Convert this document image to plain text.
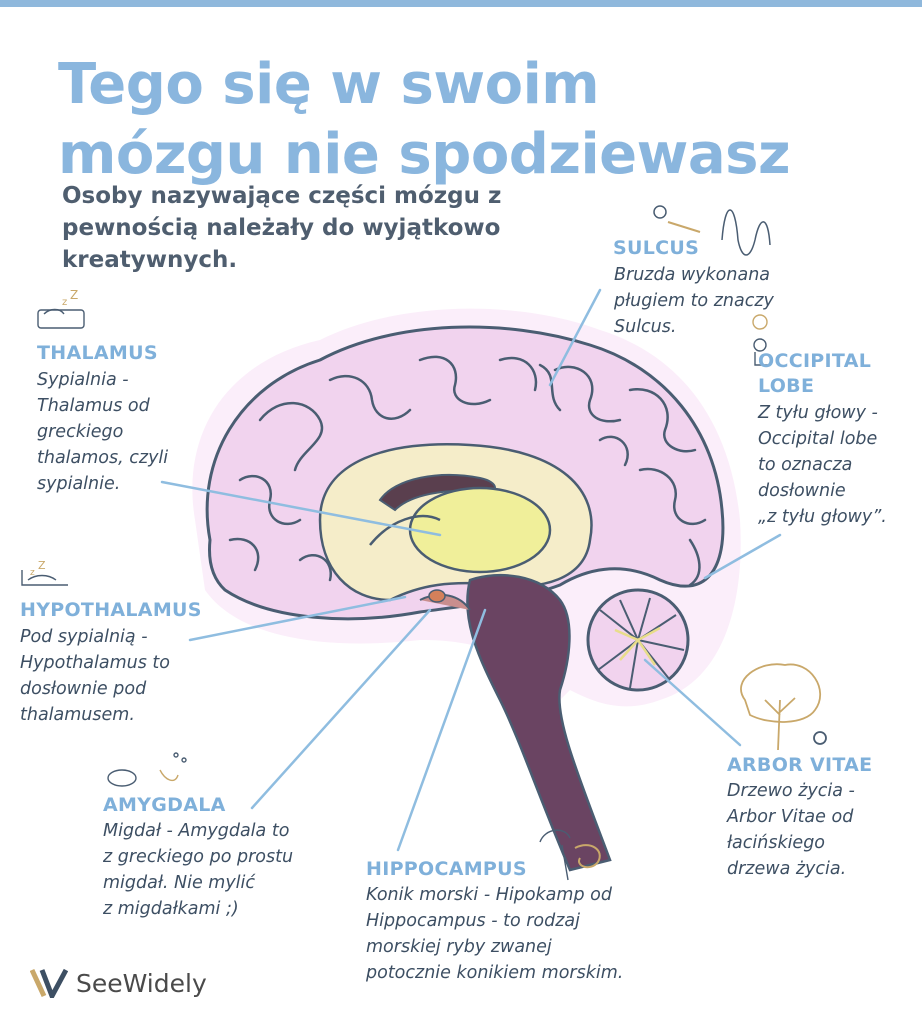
Tego się w swoim
mózgu nie spodziewasz

Osoby nazywające części mózgu z pewnością należały do wyjątkowo kreatywnych.

z
Z
z
Z
SULCUS
Bruzda wykonana
pługiem to znaczy
Sulcus.
THALAMUS
Sypialnia -
Thalamus od
greckiego
thalamos, czyli
sypialnie.
OCCIPITAL
LOBE
Z tyłu głowy -
Occipital lobe
to oznacza
dosłownie
„z tyłu głowy”.
HYPOTHALAMUS
Pod sypialnią -
Hypothalamus to
dosłownie pod
thalamusem.
ARBOR VITAE
Drzewo życia -
Arbor Vitae od
łacińskiego
drzewa życia.
AMYGDALA
Migdał - Amygdala to
z greckiego po prostu
migdał. Nie mylić
z migdałkami ;)
HIPPOCAMPUS
Konik morski - Hipokamp od
Hippocampus - to rodzaj
morskiej ryby zwanej
potocznie konikiem morskim.
SeeWidely
